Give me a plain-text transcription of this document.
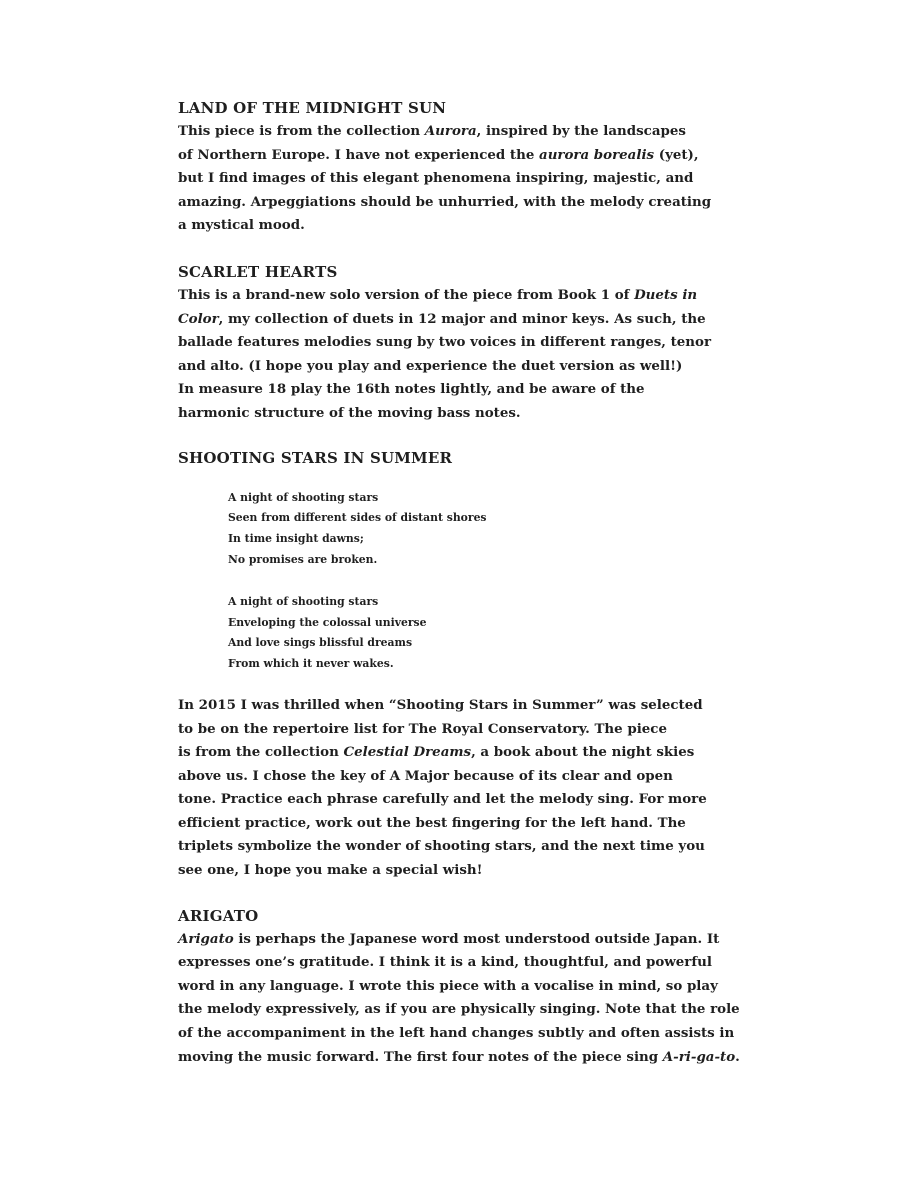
LAND OF THE MIDNIGHT SUN

This piece is from the collection Aurora, inspired by the landscapes
of Northern Europe. I have not experienced the aurora borealis (yet),
but I find images of this elegant phenomena inspiring, majestic, and
amazing. Arpeggiations should be unhurried, with the melody creating
a mystical mood.

SCARLET HEARTS

This is a brand-new solo version of the piece from Book 1 of Duets in
Color, my collection of duets in 12 major and minor keys. As such, the
ballade features melodies sung by two voices in different ranges, tenor
and alto. (I hope you play and experience the duet version as well!)
In measure 18 play the 16th notes lightly, and be aware of the
harmonic structure of the moving bass notes.

SHOOTING STARS IN SUMMER
A night of shooting stars
Seen from different sides of distant shores
In time insight dawns;
No promises are broken.
A night of shooting stars
Enveloping the colossal universe
And love sings blissful dreams
From which it never wakes.

In 2015 I was thrilled when “Shooting Stars in Summer” was selected
to be on the repertoire list for The Royal Conservatory. The piece
is from the collection Celestial Dreams, a book about the night skies
above us. I chose the key of A Major because of its clear and open
tone. Practice each phrase carefully and let the melody sing. For more
efficient practice, work out the best fingering for the left hand. The
triplets symbolize the wonder of shooting stars, and the next time you
see one, I hope you make a special wish!

ARIGATO

Arigato is perhaps the Japanese word most understood outside Japan. It
expresses one’s gratitude. I think it is a kind, thoughtful, and powerful
word in any language. I wrote this piece with a vocalise in mind, so play
the melody expressively, as if you are physically singing. Note that the role
of the accompaniment in the left hand changes subtly and often assists in
moving the music forward. The first four notes of the piece sing A-ri-ga-to.
